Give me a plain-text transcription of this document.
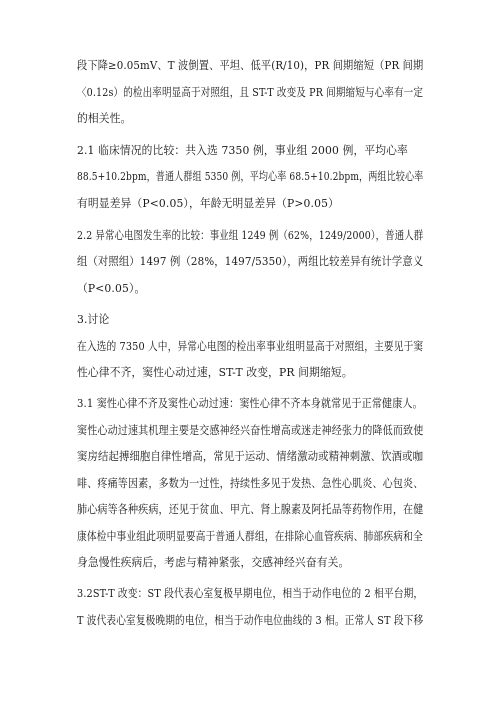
段下降≥0.05mV、T 波倒置、平坦、低平(R/10)，PR 间期缩短（PR 间期
〈0.12s）的检出率明显高于对照组，且 ST-T 改变及 PR 间期缩短与心率有一定
的相关性。
2.1 临床情况的比较：共入选 7350 例，事业组 2000 例，平均心率
88.5+10.2bpm，普通人群组 5350 例，平均心率 68.5+10.2bpm，两组比较心率
有明显差异（P<0.05），年龄无明显差异（P>0.05）
2.2 异常心电图发生率的比较：事业组 1249 例（62%，1249/2000），普通人群
组（对照组）1497 例（28%，1497/5350），两组比较差异有统计学意义
（P<0.05）。
3.讨论
在入选的 7350 人中，异常心电图的检出率事业组明显高于对照组，主要见于窦
性心律不齐，窦性心动过速，ST-T 改变，PR 间期缩短。
3.1 窦性心律不齐及窦性心动过速：窦性心律不齐本身就常见于正常健康人。
窦性心动过速其机理主要是交感神经兴奋性增高或迷走神经张力的降低而致使
窦房结起搏细胞自律性增高，常见于运动、情绪激动或精神刺激、饮酒或咖
啡、疼痛等因素，多数为一过性，持续性多见于发热、急性心肌炎、心包炎、
肺心病等各种疾病，还见于贫血、甲亢、肾上腺素及阿托品等药物作用，在健
康体检中事业组此项明显要高于普通人群组，在排除心血管疾病、肺部疾病和全
身急慢性疾病后，考虑与精神紧张，交感神经兴奋有关。
3.2ST-T 改变：ST 段代表心室复极早期电位，相当于动作电位的 2 相平台期，
T 波代表心室复极晚期的电位，相当于动作电位曲线的 3 相。正常人 ST 段下移
